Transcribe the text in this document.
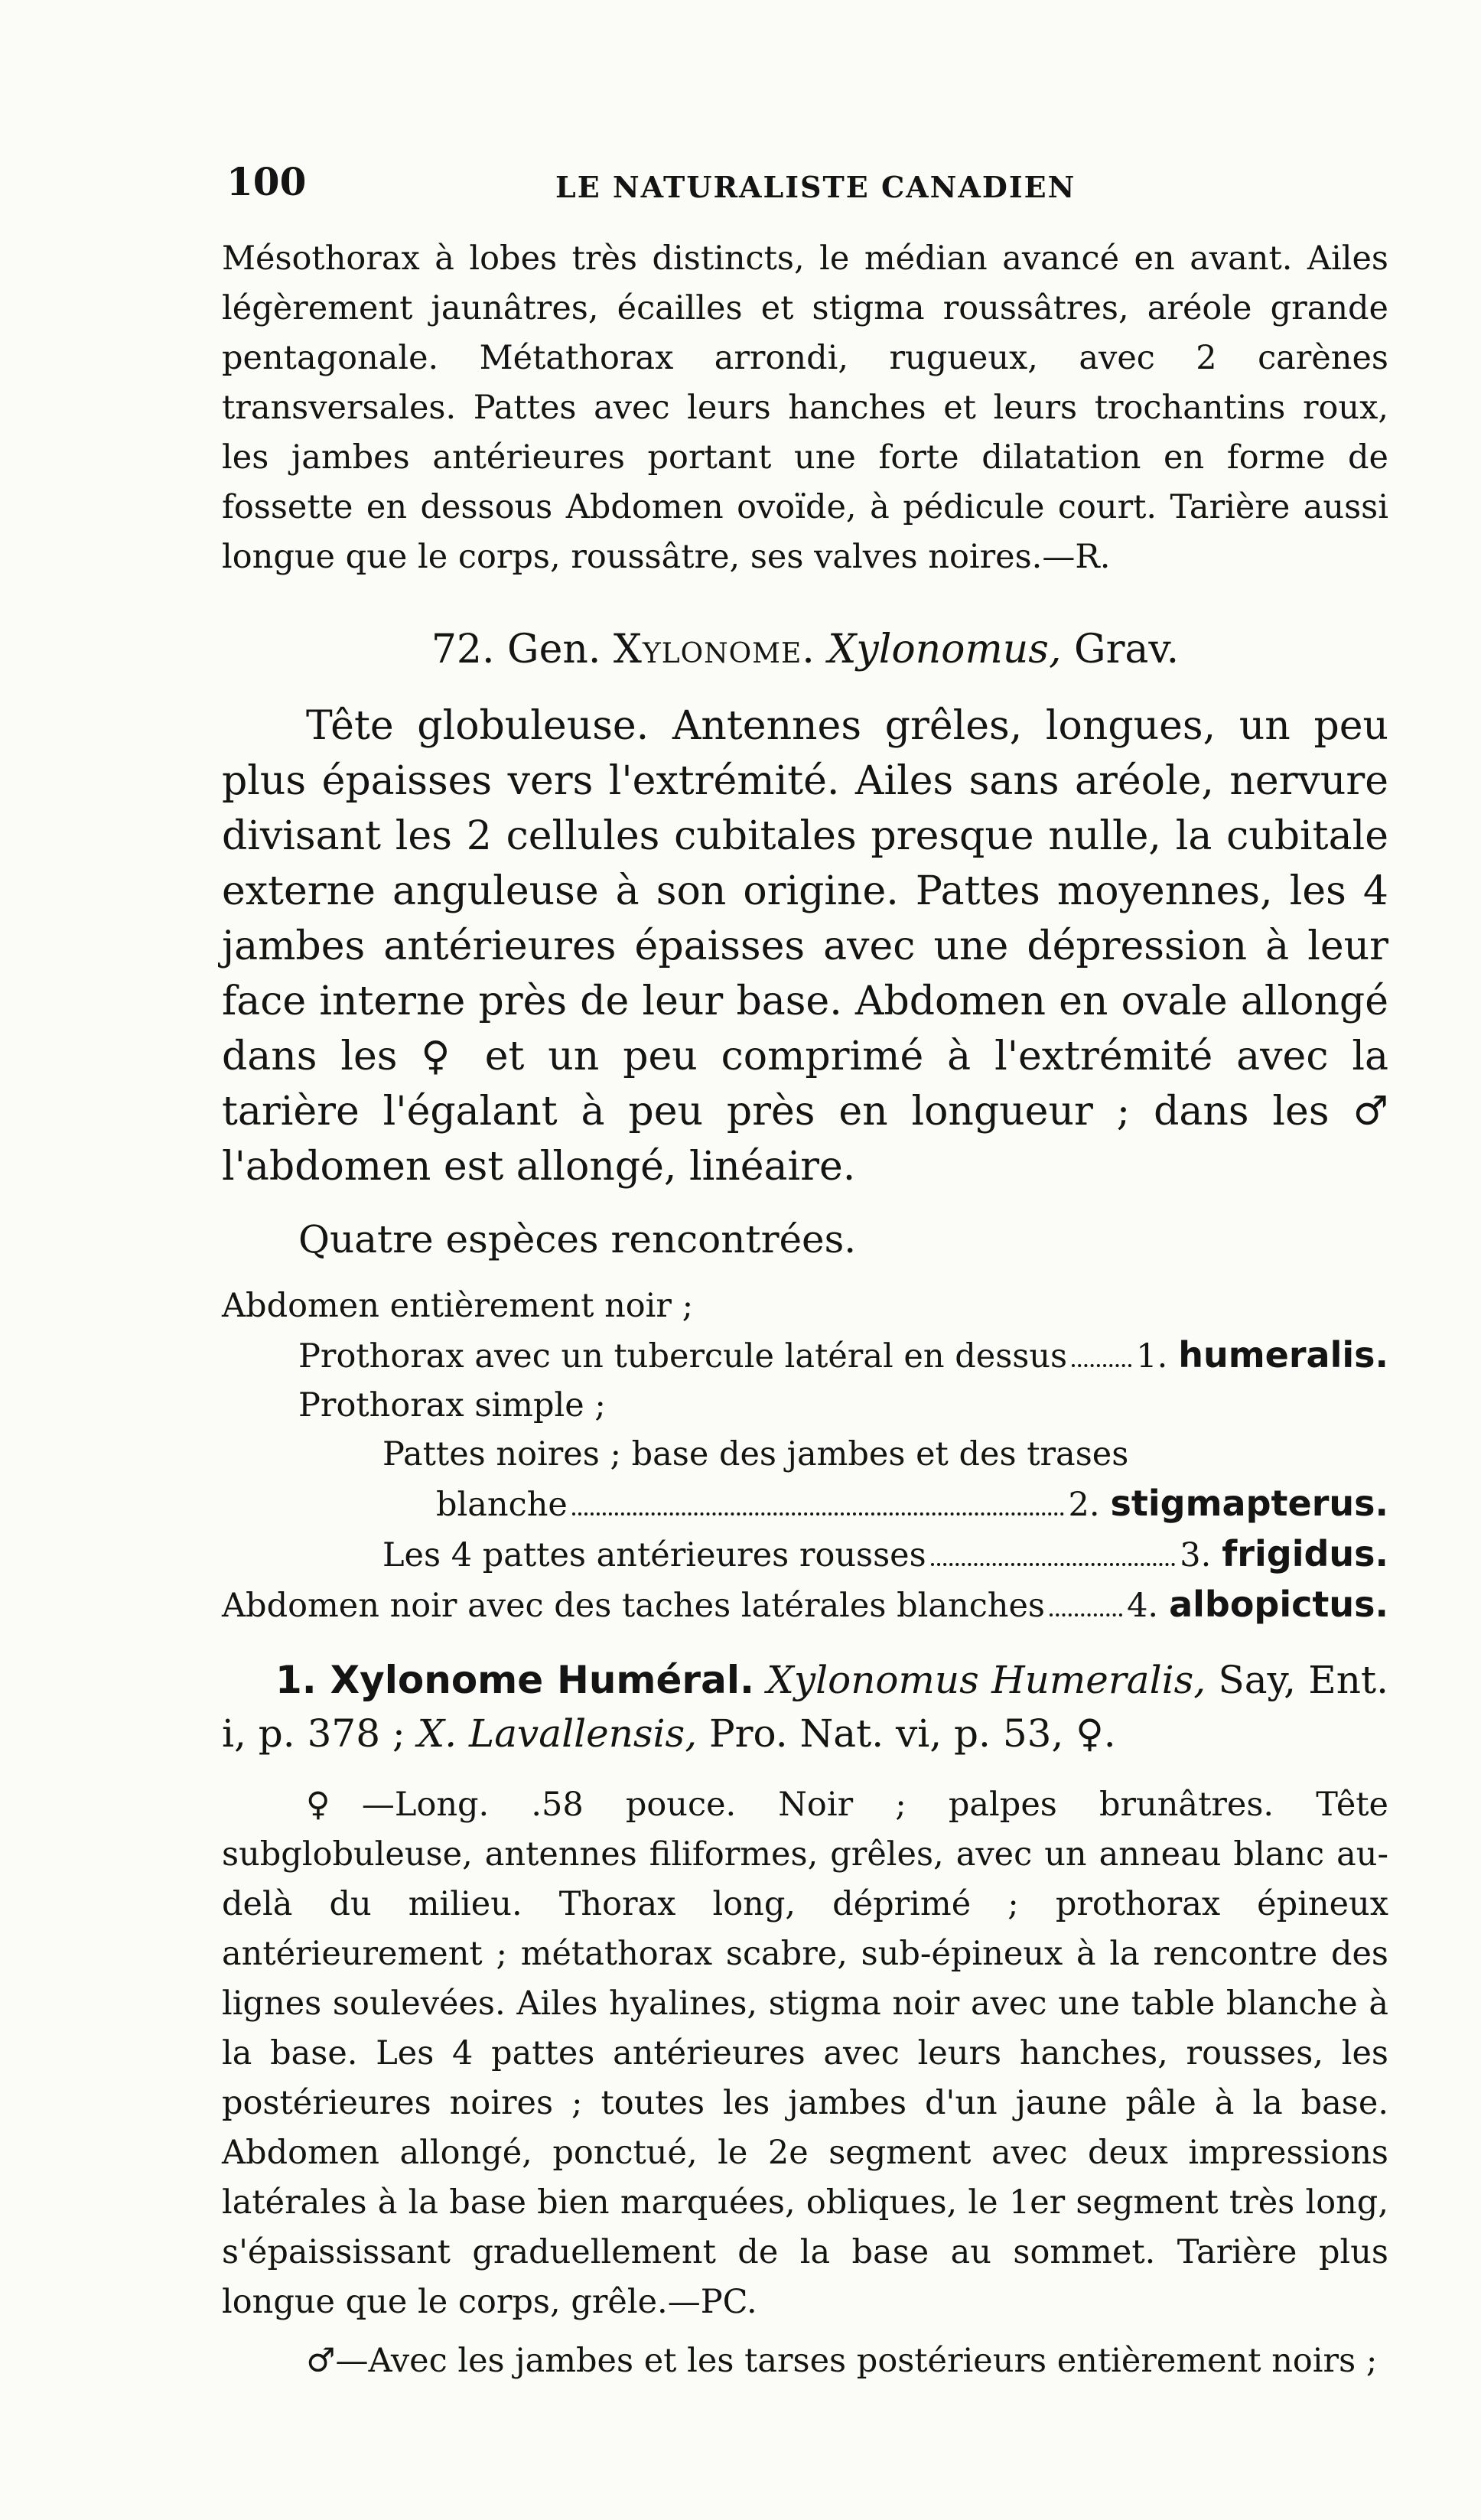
100	LE NATURALISTE CANADIEN

Mésothorax à lobes très distincts, le médian avancé en avant. Ailes légèrement jaunâtres, écailles et stigma roussâtres, aréole grande pentagonale. Métathorax arrondi, rugueux, avec 2 carènes transversales. Pattes avec leurs hanches et leurs trochantins roux, les jambes antérieures portant une forte dilatation en forme de fossette en dessous Abdomen ovoïde, à pédicule court. Tarière aussi longue que le corps, roussâtre, ses valves noires.—R.

72. Gen. Xylonome. Xylonomus, Grav.

Tête globuleuse. Antennes grêles, longues, un peu plus épaisses vers l'extrémité. Ailes sans aréole, nervure divisant les 2 cellules cubitales presque nulle, la cubitale externe anguleuse à son origine. Pattes moyennes, les 4 jambes antérieures épaisses avec une dépression à leur face interne près de leur base. Abdomen en ovale allongé dans les ♀ et un peu comprimé à l'extrémité avec la tarière l'égalant à peu près en longueur ; dans les ♂ l'abdomen est allongé, linéaire.

Quatre espèces rencontrées.
Abdomen entièrement noir ;
Prothorax avec un tubercule latéral en dessus 1. humeralis.
Prothorax simple ;
Pattes noires ; base des jambes et des trases
blanche	2. stigmapterus.
Les 4 pattes antérieures rousses	3. frigidus.
Abdomen noir avec des taches latérales blanches 4. albopictus.
1. Xylonome Huméral. Xylonomus Humeralis, Say, Ent. i, p. 378 ; X. Lavallensis, Pro. Nat. vi, p. 53, ♀.

♀—Long. .58 pouce. Noir ; palpes brunâtres. Tête subglobuleuse, antennes filiformes, grêles, avec un anneau blanc au-delà du milieu. Thorax long, déprimé ; prothorax épineux antérieurement ; métathorax scabre, sub-épineux à la rencontre des lignes soulevées. Ailes hyalines, stigma noir avec une table blanche à la base. Les 4 pattes antérieures avec leurs hanches, rousses, les postérieures noires ; toutes les jambes d'un jaune pâle à la base. Abdomen allongé, ponctué, le 2e segment avec deux impressions latérales à la base bien marquées, obliques, le 1er segment très long, s'épaississant graduellement de la base au sommet. Tarière plus longue que le corps, grêle.—PC.

♂—Avec les jambes et les tarses postérieurs entièrement noirs ;
